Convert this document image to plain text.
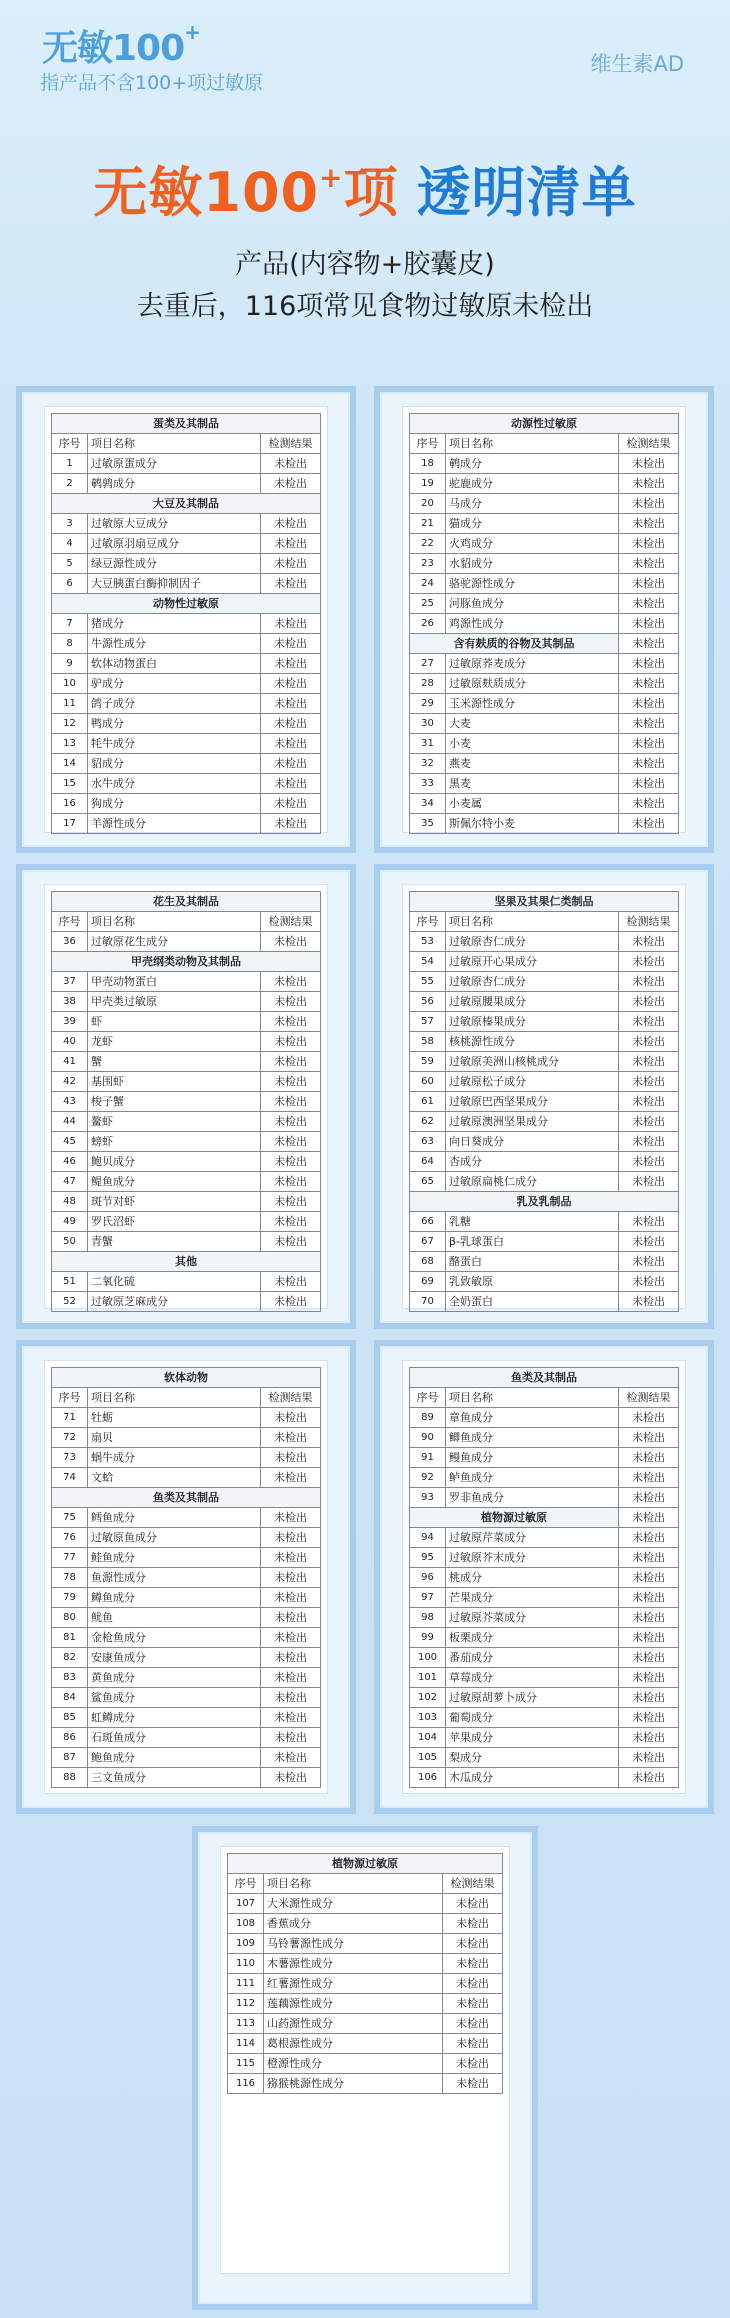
无敏100+
指产品不含100+项过敏原
维生素AD
无敏100+项 透明清单
产品(内容物+胶囊皮)
去重后，116项常见食物过敏原未检出
蛋类及其制品		
序号	项目名称	检测结果
1	过敏原蛋成分	未检出
2	鹌鹑成分	未检出
大豆及其制品		
3	过敏原大豆成分	未检出
4	过敏原羽扇豆成分	未检出
5	绿豆源性成分	未检出
6	大豆胰蛋白酶抑制因子	未检出
动物性过敏原		
7	猪成分	未检出
8	牛源性成分	未检出
9	软体动物蛋白	未检出
10	驴成分	未检出
11	鸽子成分	未检出
12	鸭成分	未检出
13	牦牛成分	未检出
14	貂成分	未检出
15	水牛成分	未检出
16	狗成分	未检出
17	羊源性成分	未检出
动源性过敏原		
序号	项目名称	检测结果
18	鹌成分	未检出
19	驼鹿成分	未检出
20	马成分	未检出
21	猫成分	未检出
22	火鸡成分	未检出
23	水貂成分	未检出
24	骆驼源性成分	未检出
25	河豚鱼成分	未检出
26	鸡源性成分	未检出
含有麸质的谷物及其制品		未检出
27	过敏原荞麦成分	未检出
28	过敏原麸质成分	未检出
29	玉米源性成分	未检出
30	大麦	未检出
31	小麦	未检出
32	燕麦	未检出
33	黑麦	未检出
34	小麦属	未检出
35	斯佩尔特小麦	未检出
花生及其制品		
序号	项目名称	检测结果
36	过敏原花生成分	未检出
甲壳纲类动物及其制品		
37	甲壳动物蛋白	未检出
38	甲壳类过敏原	未检出
39	虾	未检出
40	龙虾	未检出
41	蟹	未检出
42	基围虾	未检出
43	梭子蟹	未检出
44	鳌虾	未检出
45	螃虾	未检出
46	鲍贝成分	未检出
47	鳀鱼成分	未检出
48	斑节对虾	未检出
49	罗氏沼虾	未检出
50	青蟹	未检出
其他		
51	二氧化硫	未检出
52	过敏原芝麻成分	未检出
坚果及其果仁类制品		
序号	项目名称	检测结果
53	过敏原杏仁成分	未检出
54	过敏原开心果成分	未检出
55	过敏原杏仁成分	未检出
56	过敏原腰果成分	未检出
57	过敏原榛果成分	未检出
58	核桃源性成分	未检出
59	过敏原美洲山核桃成分	未检出
60	过敏原松子成分	未检出
61	过敏原巴西坚果成分	未检出
62	过敏原澳洲坚果成分	未检出
63	向日葵成分	未检出
64	杏成分	未检出
65	过敏原扁桃仁成分	未检出
乳及乳制品		
66	乳糖	未检出
67	β-乳球蛋白	未检出
68	酪蛋白	未检出
69	乳致敏原	未检出
70	全奶蛋白	未检出
软体动物		
序号	项目名称	检测结果
71	牡蛎	未检出
72	扇贝	未检出
73	蜗牛成分	未检出
74	文蛤	未检出
鱼类及其制品		
75	鳕鱼成分	未检出
76	过敏原鱼成分	未检出
77	鲑鱼成分	未检出
78	鱼源性成分	未检出
79	鳟鱼成分	未检出
80	鱿鱼	未检出
81	金枪鱼成分	未检出
82	安康鱼成分	未检出
83	黄鱼成分	未检出
84	鲨鱼成分	未检出
85	虹鳟成分	未检出
86	石斑鱼成分	未检出
87	鲍鱼成分	未检出
88	三文鱼成分	未检出
鱼类及其制品		
序号	项目名称	检测结果
89	章鱼成分	未检出
90	鲫鱼成分	未检出
91	鳗鱼成分	未检出
92	鲈鱼成分	未检出
93	罗非鱼成分	未检出
植物源过敏原		未检出
94	过敏原芹菜成分	未检出
95	过敏原芥末成分	未检出
96	桃成分	未检出
97	芒果成分	未检出
98	过敏原芥菜成分	未检出
99	板栗成分	未检出
100	番茄成分	未检出
101	草莓成分	未检出
102	过敏原胡萝卜成分	未检出
103	葡萄成分	未检出
104	苹果成分	未检出
105	梨成分	未检出
106	木瓜成分	未检出
植物源过敏原		
序号	项目名称	检测结果
107	大米源性成分	未检出
108	香蕉成分	未检出
109	马铃薯源性成分	未检出
110	木薯源性成分	未检出
111	红薯源性成分	未检出
112	莲藕源性成分	未检出
113	山药源性成分	未检出
114	葛根源性成分	未检出
115	橙源性成分	未检出
116	猕猴桃源性成分	未检出
